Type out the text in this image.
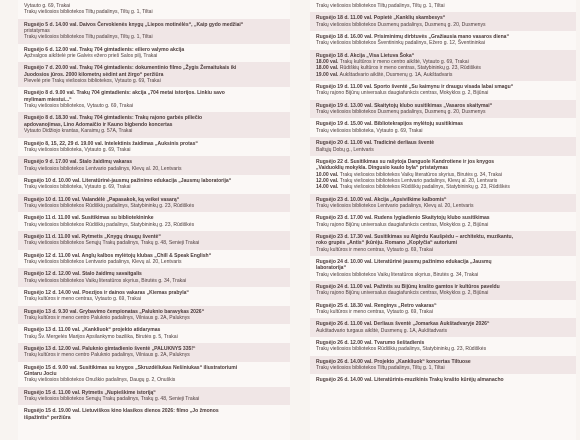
Vytauto g. 69, Trakai
Trakų viešosios bibliotekos Tiltų padalinys, Tiltų g. 1, Tiltai
Rugsėjo 5 d. 14.00 val. Daivos Červokienės knygų „Liepos motinėlės“, „Kaip gydo medžiai“
pristatymas
Trakų viešosios bibliotekos Tiltų padalinys, Tiltų g. 1, Tiltai
Rugsėjo 6 d. 12.00 val. Trakų 704 gimtadienis: eiliero valymo akcija
Apžvalgos aikštelė prie Galvės ežero prieš Salos pilį, Trakai
Rugsėjo 7 d. 20.00 val. Trakų 704 gimtadienis: dokumentinio filmo „Žygis Žemaitukais iki
Juodosios jūros. 2000 kilometrų sėdint ant žirgo“ peržiūra
Pievelė prie Trakų viešosios bibliotekos, Vytauto g. 69, Trakai
Rugsėjo 8 d. 9.00 val. Trakų 704 gimtadienis: akcija „704 metai istorijos. Linkiu savo
mylimam miestui...“
Trakų viešosios bibliotekos, Vytauto g. 69, Trakai
Rugsėjo 8 d. 18.30 val. Trakų 704 gimtadienis: Trakų rajono garbės piliečio
apdovanojimas, Lino Adomaičio ir Kauno bigbendo koncertas
Vytauto Didžiojo krantas, Karaimų g. 57A, Trakai
Rugsėjo 8, 15, 22, 29 d. 19.00 val. Intelektinis žaidimas „Auksinis protas“
Trakų viešosios biblioteka, Vytauto g. 69, Trakai
Rugsėjo 9 d. 17.00 val. Stalo žaidimų vakaras
Trakų viešosios bibliotekos Lentvario padalinys, Klevų al. 20, Lentvaris
Rugsėjo 10 d. 10.00 val. Literatūrinė-jausmų pažinimo edukacija „Jausmų laboratorija“
Trakų viešosios biblioteka, Vytauto g. 69, Trakai
Rugsėjo 10 d. 11.00 val. Valandėlė „Papasakok, ką veikei vasarą“
Trakų viešosios bibliotekos Rūdiškių padalinys, Statybininkų g. 23, Rūdiškės
Rugsėjo 11 d. 11.00 val. Susitikimas su bibliotekininke
Trakų viešosios bibliotekos Rūdiškių padalinys, Statybininkų g. 23, Rūdiškės
Rugsėjo 11 d. 11.00 val. Rytmetis „Knygų draugų šventė“
Trakų viešosios bibliotekos Senųjų Trakų padalinys, Trakų g. 48, Senieji Trakai
Rugsėjo 12 d. 11.00 val. Anglų kalbos mylėtojų klubas „Chill & Speak English“
Trakų viešosios bibliotekos Lentvario padalinys, Klevų al. 20, Lentvaris
Rugsėjo 12 d. 12.00 val. Stalo žaidimų savaitgalis
Trakų viešosios bibliotekos Vaikų literatūros skyrius, Birutės g. 34, Trakai
Rugsėjo 12 d. 14.00 val. Poezijos ir dainos vakaras „Kiemas prabyla“
Trakų kultūros ir meno centras, Vytauto g. 69, Trakai
Rugsėjo 13 d. 9.30 val. Grybavimo čempionatas „Paluknio baravykas 2026“
Trakų kultūros ir meno centro Paluknio padalinys, Vilniaus g. 2A, Paluknys
Rugsėjo 13 d. 11.00 val. „Kankliuok“ projekto atidarymas
Trakų Šv. Mergelės Marijos Apsilankymo bazilika, Birutės g. 5, Trakai
Rugsėjo 13 d. 12.00 val. Paluknio gimtadienio šventė „PALUKNYS 335!“
Trakų kultūros ir meno centro Paluknio padalinys, Vilniaus g. 2A, Paluknys
Rugsėjo 15 d. 9.00 val. Susitikimas su knygos „Skruzdėliukas Nešiniukas“ iliustratoriumi
Gintaru Jociu
Trakų viešosios bibliotekos Onuškio padalinys, Daugų g. 2, Onuškis
Rugsėjo 15 d. 11.00 val. Rytmetis „Nupieškime istoriją“
Trakų viešosios bibliotekos Senųjų Trakų padalinys, Trakų g. 48, Senieji Trakai
Rugsėjo 15 d. 19.00 val. Lietuviškos kino klasikos dienos 2026: filmo „Jo žmonos
išpažintis“ peržiūra
Trakų viešosios bibliotekos Tiltų padalinys, Tiltų g. 1, Tiltai
Rugsėjo 18 d. 11.00 val. Popietė „Kanklių skambesys“
Trakų viešosios bibliotekos Dusmenų padalinys, Dusmenų g. 20, Dusmenys
Rugsėjo 18 d. 16.00 val. Prisiminimų dirbtuvės „Gražiausia mano vasaros diena“
Trakų viešosios bibliotekos Šventininkų padalinys, Ežero g. 12, Šventininkai
Rugsėjo 18 d. Akcija „Visa Lietuva Šoka“
18.00 val. Trakų kultūros ir meno centro aikštė, Vytauto g. 69, Trakai
18.00 val. Rūdiškių kultūros ir meno centras, Statybininkų g. 23, Rūdiškės
19.00 val. Aukštadvario aikštė, Dusmenų g. 1A, Aukštadvaris
Rugsėjo 19 d. 11.00 val. Sporto šventė „Su kaimynu ir draugu visada labai smagu“
Trakų rajono Bijūnų universalus daugiafunkcis centras, Mokyklos g. 2, Bijūnai
Rugsėjo 19 d. 13.00 val. Skaitytojų klubo susitikimas „Vasaros skaitymai“
Trakų viešosios bibliotekos Dusmenų padalinys, Dusmenų g. 20, Dusmenys
Rugsėjo 19 d. 15.00 val. Bibliotekrapijos mylėtojų susitikimas
Trakų viešosios biblioteka, Vytauto g. 69, Trakai
Rugsėjo 20 d. 11.00 val. Tradicinė derliaus šventė
Baltųjų Dobų g., Lentvaris
Rugsėjo 22 d. Susitikimas su rašytoja Danguole Kandrotiene ir jos knygos
„Vaiduoklių mokykla. Dingusio kaulo byla“ pristatymas
10.00 val. Trakų viešosios bibliotekos Vaikų literatūros skyrius, Birutės g. 34, Trakai
12.00 val. Trakų viešosios bibliotekos Lentvario padalinys, Klevų al. 20, Lentvaris
14.00 val. Trakų viešosios bibliotekos Rūdiškių padalinys, Statybininkų g. 23, Rūdiškės
Rugsėjo 23 d. 10.00 val. Akcija „Apsivilkime kalbomis“
Trakų viešosios bibliotekos Lentvario padalinys, Klevų al. 20, Lentvaris
Rugsėjo 23 d. 17.00 val. Rudens lygiadienio Skaitytojų klubo susitikimas
Trakų rajono Bijūnų universalus daugiafunkcis centras, Mokyklos g. 2, Bijūnai
Rugsėjo 23 d. 17.30 val. Susitikimas su Algirdu Kaušpėdu – architektu, muzikantu,
roko grupės „Antis“ įkūrėju. Romano „Koplyčia“ autoriumi
Trakų kultūros ir meno centras, Vytauto g. 69, Trakai
Rugsėjo 24 d. 10.00 val. Literatūrinė jausmų pažinimo edukacija „Jausmų
laboratorija“
Trakų viešosios bibliotekos Vaikų literatūros skyrius, Birutės g. 34, Trakai
Rugsėjo 24 d. 11.00 val. Pažintis su Bijūnų krašto gamtos ir kultūros paveldu
Trakų rajono Bijūnų universalus daugiafunkcis centras, Mokyklos g. 2, Bijūnai
Rugsėjo 25 d. 18.30 val. Renginys „Retro vakaras“
Trakų kultūros ir meno centras, Vytauto g. 69, Trakai
Rugsėjo 26 d. 11.00 val. Derliaus šventė „Jomarkas Aukštadvaryje 2026“
Aukštadvario turgaus aikštė, Dusmenų g. 1A, Aukštadvaris
Rugsėjo 26 d. 12.00 val. Tvarumo šeštadienis
Trakų viešosios bibliotekos Rūdiškių padalinys, Statybininkų g. 23, Rūdiškės
Rugsėjo 26 d. 14.00 val. Projekto „Kankliuok“ koncertas Tiltuose
Trakų viešosios bibliotekos Tiltų padalinys, Tiltų g. 1, Tiltai
Rugsėjo 26 d. 14.00 val. Literatūrinis-muzikinis Trakų krašto kūrėjų almanacho
